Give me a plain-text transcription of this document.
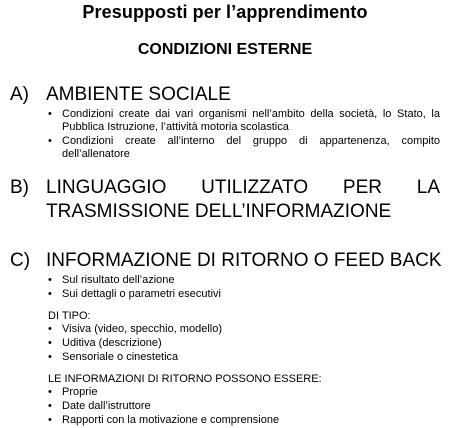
Presupposti per l’apprendimento
CONDIZIONI ESTERNE
A) AMBIENTE SOCIALE
• Condizioni create dai vari organismi nell’ambito della società, lo Stato, la Pubblica Istruzione, l’attività motoria scolastica
• Condizioni create all’interno del gruppo di appartenenza, compito dell’allenatore
B) LINGUAGGIO UTILIZZATO PER LA
TRASMISSIONE DELL’INFORMAZIONE
C) INFORMAZIONE DI RITORNO O FEED BACK
• Sul risultato dell’azione
• Sui dettagli o parametri esecutivi
DI TIPO:
• Visiva (video, specchio, modello)
• Uditiva (descrizione)
• Sensoriale o cinestetica
LE INFORMAZIONI DI RITORNO POSSONO ESSERE:
• Proprie
• Date dall’istruttore
• Rapporti con la motivazione e comprensione
